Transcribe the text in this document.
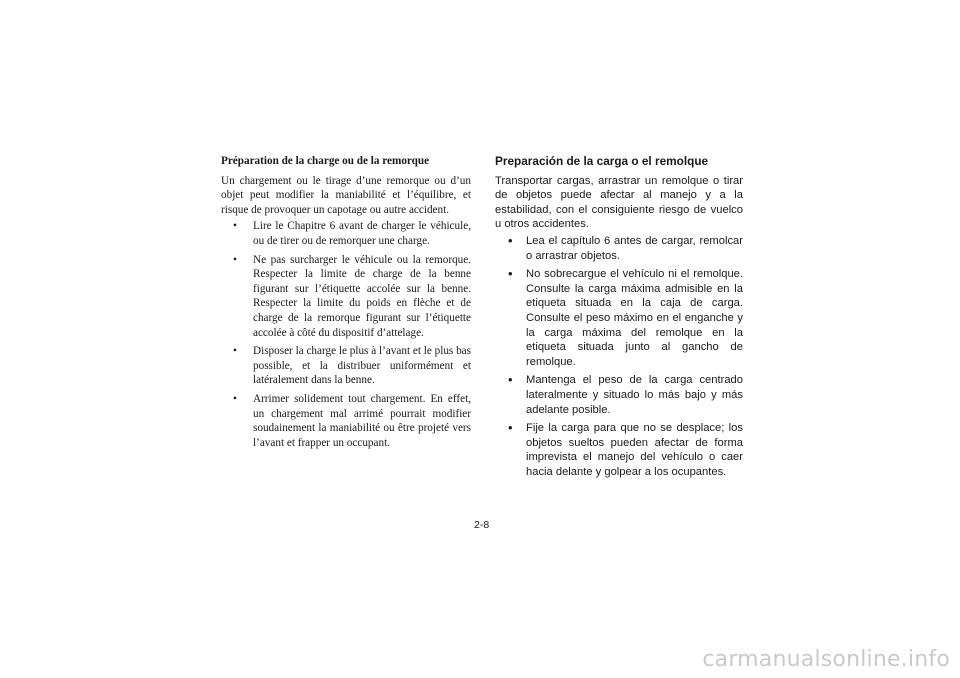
Préparation de la charge ou de la remorque

Un chargement ou le tirage d’une remorque ou d’un objet peut modifier la maniabilité et l’équilibre, et risque de provoquer un capotage ou autre accident.

• Lire le Chapitre 6 avant de charger le véhicule, ou de tirer ou de remorquer une charge.
• Ne pas surcharger le véhicule ou la remorque. Respecter la limite de charge de la benne figurant sur l’étiquette accolée sur la benne. Respecter la limite du poids en flèche et de charge de la remorque figurant sur l’étiquette accolée à côté du dispositif d’attelage.
• Disposer la charge le plus à l’avant et le plus bas possible, et la distribuer uniformément et latéralement dans la benne.
• Arrimer solidement tout chargement. En effet, un chargement mal arrimé pourrait modifier soudainement la maniabilité ou être projeté vers l’avant et frapper un occupant.

Preparación de la carga o el remolque

Transportar cargas, arrastrar un remolque o tirar de objetos puede afectar al manejo y a la estabilidad, con el consiguiente riesgo de vuelco u otros accidentes.

• Lea el capítulo 6 antes de cargar, remolcar o arrastrar objetos.
• No sobrecargue el vehículo ni el remolque. Consulte la carga máxima admisible en la etiqueta situada en la caja de carga. Consulte el peso máximo en el enganche y la carga máxima del remolque en la etiqueta situada junto al gancho de remolque.
• Mantenga el peso de la carga centrado lateralmente y situado lo más bajo y más adelante posible.
• Fije la carga para que no se desplace; los objetos sueltos pueden afectar de forma imprevista el manejo del vehículo o caer hacia delante y golpear a los ocupantes.
2-8
carmanualsonline.info
